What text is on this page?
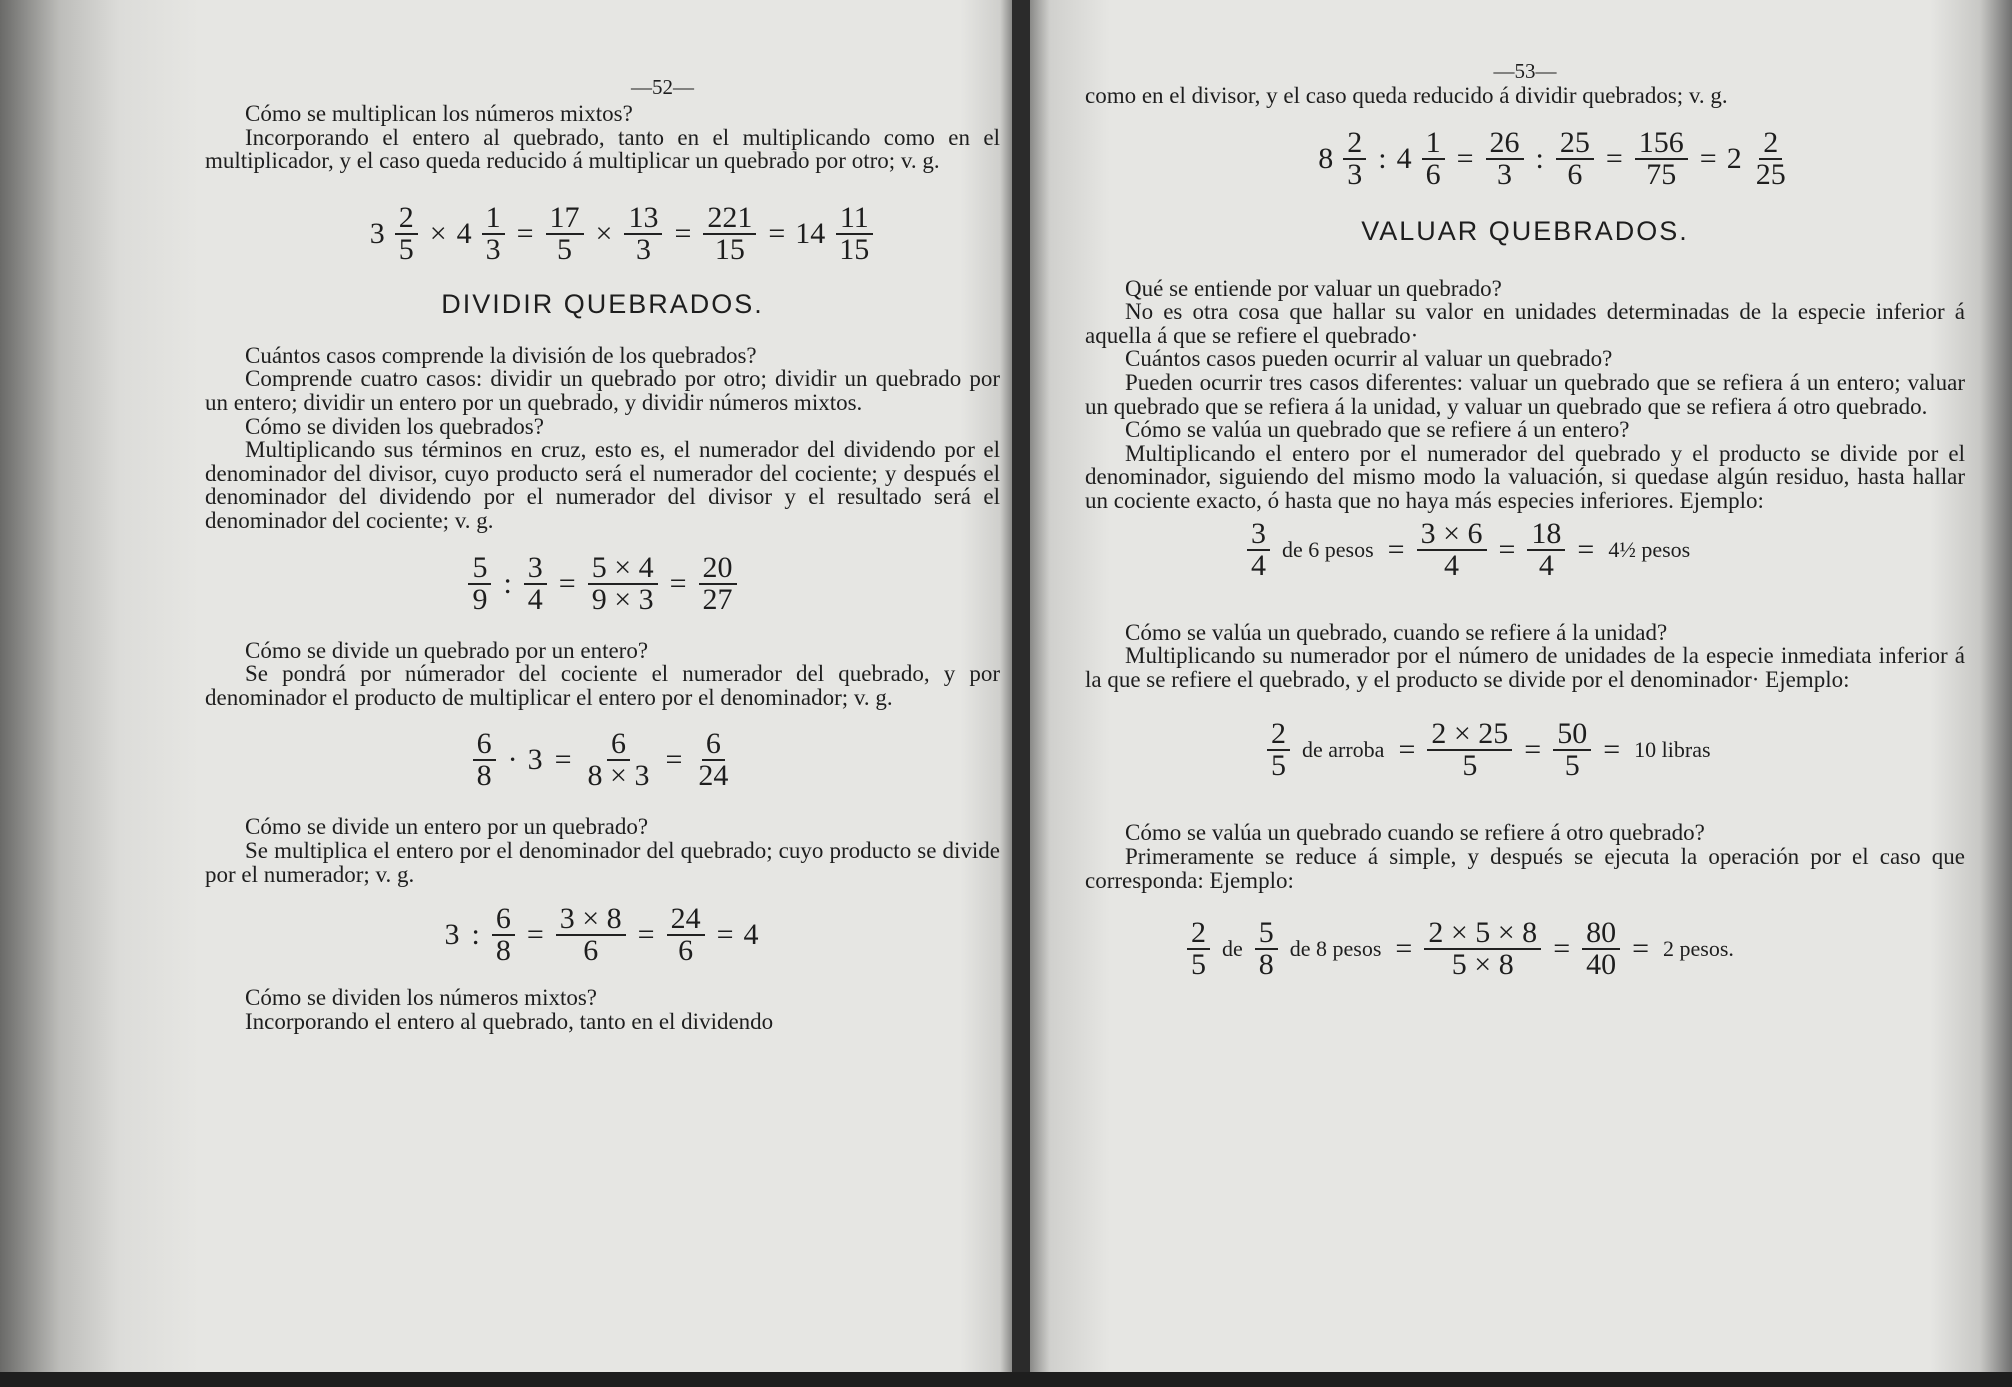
—52—

Cómo se multiplican los números mixtos?

Incorporando el entero al quebrado, tanto en el multiplicando como en el multiplicador, y el caso queda reducido á multiplicar un quebrado por otro; v. g.

$3 \frac{2}{5} \times 4 \frac{1}{3} = \frac{17}{5} \times \frac{13}{3} = \frac{221}{15} = 14 \frac{11}{15}$
DIVIDIR QUEBRADOS.

Cuántos casos comprende la división de los quebrados?

Comprende cuatro casos: dividir un quebrado por otro; dividir un quebrado por un entero; dividir un entero por un quebrado, y dividir números mixtos.

Cómo se dividen los quebrados?

Multiplicando sus términos en cruz, esto es, el numerador del dividendo por el denominador del divisor, cuyo producto será el numerador del cociente; y después el denominador del dividendo por el numerador del divisor y el resultado será el denominador del cociente; v. g.

$\frac{5}{9}$ : $\frac{3}{4} = \frac{5 \times 4}{9 \times 3} = \frac{20}{27}$

Cómo se divide un quebrado por un entero?

Se pondrá por númerador del cociente el numerador del quebrado, y por denominador el producto de multiplicar el entero por el denominador; v. g.

$\frac{6}{8} \cdot 3 = \frac{6}{8 \times 3} = \frac{6}{24}$

Cómo se divide un entero por un quebrado?

Se multiplica el entero por el denominador del quebrado; cuyo producto se divide por el numerador; v. g.

3 : $\frac{6}{8} = \frac{3 \times 8}{6} = \frac{24}{6} = 4$

Cómo se dividen los números mixtos?

Incorporando el entero al quebrado, tanto en el dividendo

—53—

como en el divisor, y el caso queda reducido á dividir quebrados; v. g.

$8 \frac{2}{3}$ : $4 \frac{1}{6} = \frac{26}{3}$ : $\frac{25}{6} = \frac{156}{75} = 2 \frac{2}{25}$
VALUAR QUEBRADOS.

Qué se entiende por valuar un quebrado?

No es otra cosa que hallar su valor en unidades determinadas de la especie inferior á aquella á que se refiere el quebrado·

Cuántos casos pueden ocurrir al valuar un quebrado?

Pueden ocurrir tres casos diferentes: valuar un quebrado que se refiera á un entero; valuar un quebrado que se refiera á la unidad, y valuar un quebrado que se refiera á otro quebrado.

Cómo se valúa un quebrado que se refiere á un entero?

Multiplicando el entero por el numerador del quebrado y el producto se divide por el denominador, siguiendo del mismo modo la valuación, si quedase algún residuo, hasta hallar un cociente exacto, ó hasta que no haya más especies inferiores. Ejemplo:

$\frac{3}{4}$ de 6 pesos = $\frac{3 \times 6}{4} = \frac{18}{4}$ = 4½ pesos

Cómo se valúa un quebrado, cuando se refiere á la unidad?

Multiplicando su numerador por el número de unidades de la especie inmediata inferior á la que se refiere el quebrado, y el producto se divide por el denominador· Ejemplo:

$\frac{2}{5}$ de arroba = $\frac{2 \times 25}{5} = \frac{50}{5} = 10$ libras

Cómo se valúa un quebrado cuando se refiere á otro quebrado?

Primeramente se reduce á simple, y después se ejecuta la operación por el caso que corresponda: Ejemplo:

$\frac{2}{5}$ de $\frac{5}{8}$ de 8 pesos = $\frac{2 \times 5 \times 8}{5 \times 8} = \frac{80}{40} = 2$ pesos.
